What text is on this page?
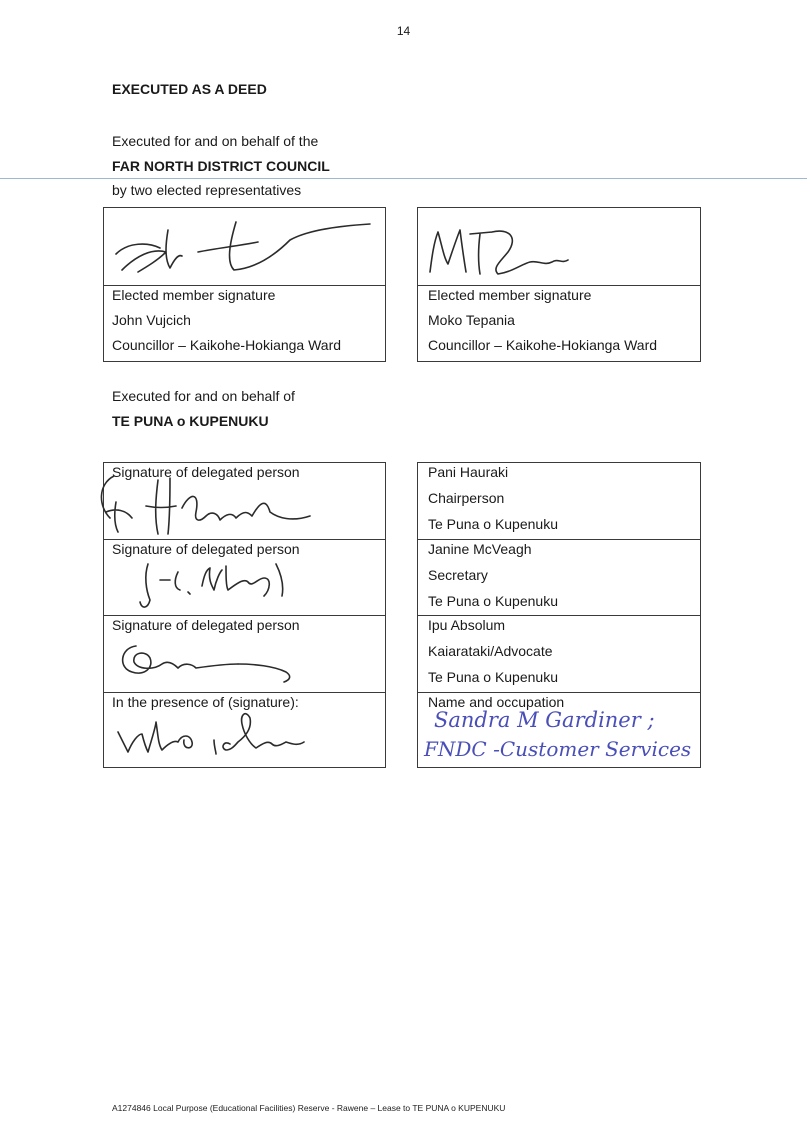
14
EXECUTED AS A DEED
Executed for and on behalf of the
FAR NORTH DISTRICT COUNCIL
by two elected representatives
Elected member signature
John Vujcich
Councillor – Kaikohe-Hokianga Ward
Elected member signature
Moko Tepania
Councillor – Kaikohe-Hokianga Ward
Executed for and on behalf of
TE PUNA o KUPENUKU
Signature of delegated person	Pani Hauraki
Chairperson
Te Puna o Kupenuku
Signature of delegated person	Janine McVeagh
Secretary
Te Puna o Kupenuku
Signature of delegated person	Ipu Absolum
Kaiarataki/Advocate
Te Puna o Kupenuku
In the presence of (signature):	Name and occupation
Sandra M Gardiner ;
FNDC -Customer Services
A1274846 Local Purpose (Educational Facilities) Reserve - Rawene – Lease to TE PUNA o KUPENUKU
